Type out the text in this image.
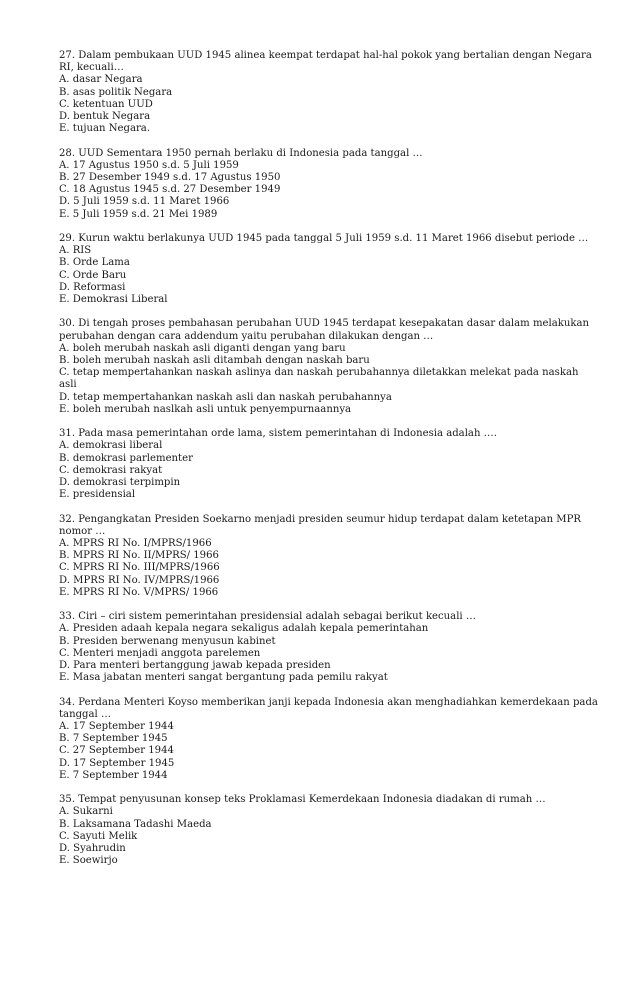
27. Dalam pembukaan UUD 1945 alinea keempat terdapat hal-hal pokok yang bertalian dengan Negara RI, kecuali…
A. dasar Negara
B. asas politik Negara
C. ketentuan UUD
D. bentuk Negara
E. tujuan Negara.
28. UUD Sementara 1950 pernah berlaku di Indonesia pada tanggal …
A. 17 Agustus 1950 s.d. 5 Juli 1959
B. 27 Desember 1949 s.d. 17 Agustus 1950
C. 18 Agustus 1945 s.d. 27 Desember 1949
D. 5 Juli 1959 s.d. 11 Maret 1966
E. 5 Juli 1959 s.d. 21 Mei 1989
29. Kurun waktu berlakunya UUD 1945 pada tanggal 5 Juli 1959 s.d. 11 Maret 1966 disebut periode …
A. RIS
B. Orde Lama
C. Orde Baru
D. Reformasi
E. Demokrasi Liberal
30. Di tengah proses pembahasan perubahan UUD 1945 terdapat kesepakatan dasar dalam melakukan perubahan dengan cara addendum yaitu perubahan dilakukan dengan …
A. boleh merubah naskah asli diganti dengan yang baru
B. boleh merubah naskah asli ditambah dengan naskah baru
C. tetap mempertahankan naskah aslinya dan naskah perubahannya diletakkan melekat pada naskah asli
D. tetap mempertahankan naskah asli dan naskah perubahannya
E. boleh merubah naslkah asli untuk penyempurnaannya
31. Pada masa pemerintahan orde lama, sistem pemerintahan di Indonesia adalah ….
A. demokrasi liberal
B. demokrasi parlementer
C. demokrasi rakyat
D. demokrasi terpimpin
E. presidensial
32. Pengangkatan Presiden Soekarno menjadi presiden seumur hidup terdapat dalam ketetapan MPR nomor …
A. MPRS RI No. I/MPRS/1966
B. MPRS RI No. II/MPRS/ 1966
C. MPRS RI No. III/MPRS/1966
D. MPRS RI No. IV/MPRS/1966
E. MPRS RI No. V/MPRS/ 1966
33. Ciri – ciri sistem pemerintahan presidensial adalah sebagai berikut kecuali …
A. Presiden adaah kepala negara sekaligus adalah kepala pemerintahan
B. Presiden berwenang menyusun kabinet
C. Menteri menjadi anggota parelemen
D. Para menteri bertanggung jawab kepada presiden
E. Masa jabatan menteri sangat bergantung pada pemilu rakyat
34. Perdana Menteri Koyso memberikan janji kepada Indonesia akan menghadiahkan kemerdekaan pada tanggal …
A. 17 September 1944
B. 7 September 1945
C. 27 September 1944
D. 17 September 1945
E. 7 September 1944
35. Tempat penyusunan konsep teks Proklamasi Kemerdekaan Indonesia diadakan di rumah …
A. Sukarni
B. Laksamana Tadashi Maeda
C. Sayuti Melik
D. Syahrudin
E. Soewirjo
